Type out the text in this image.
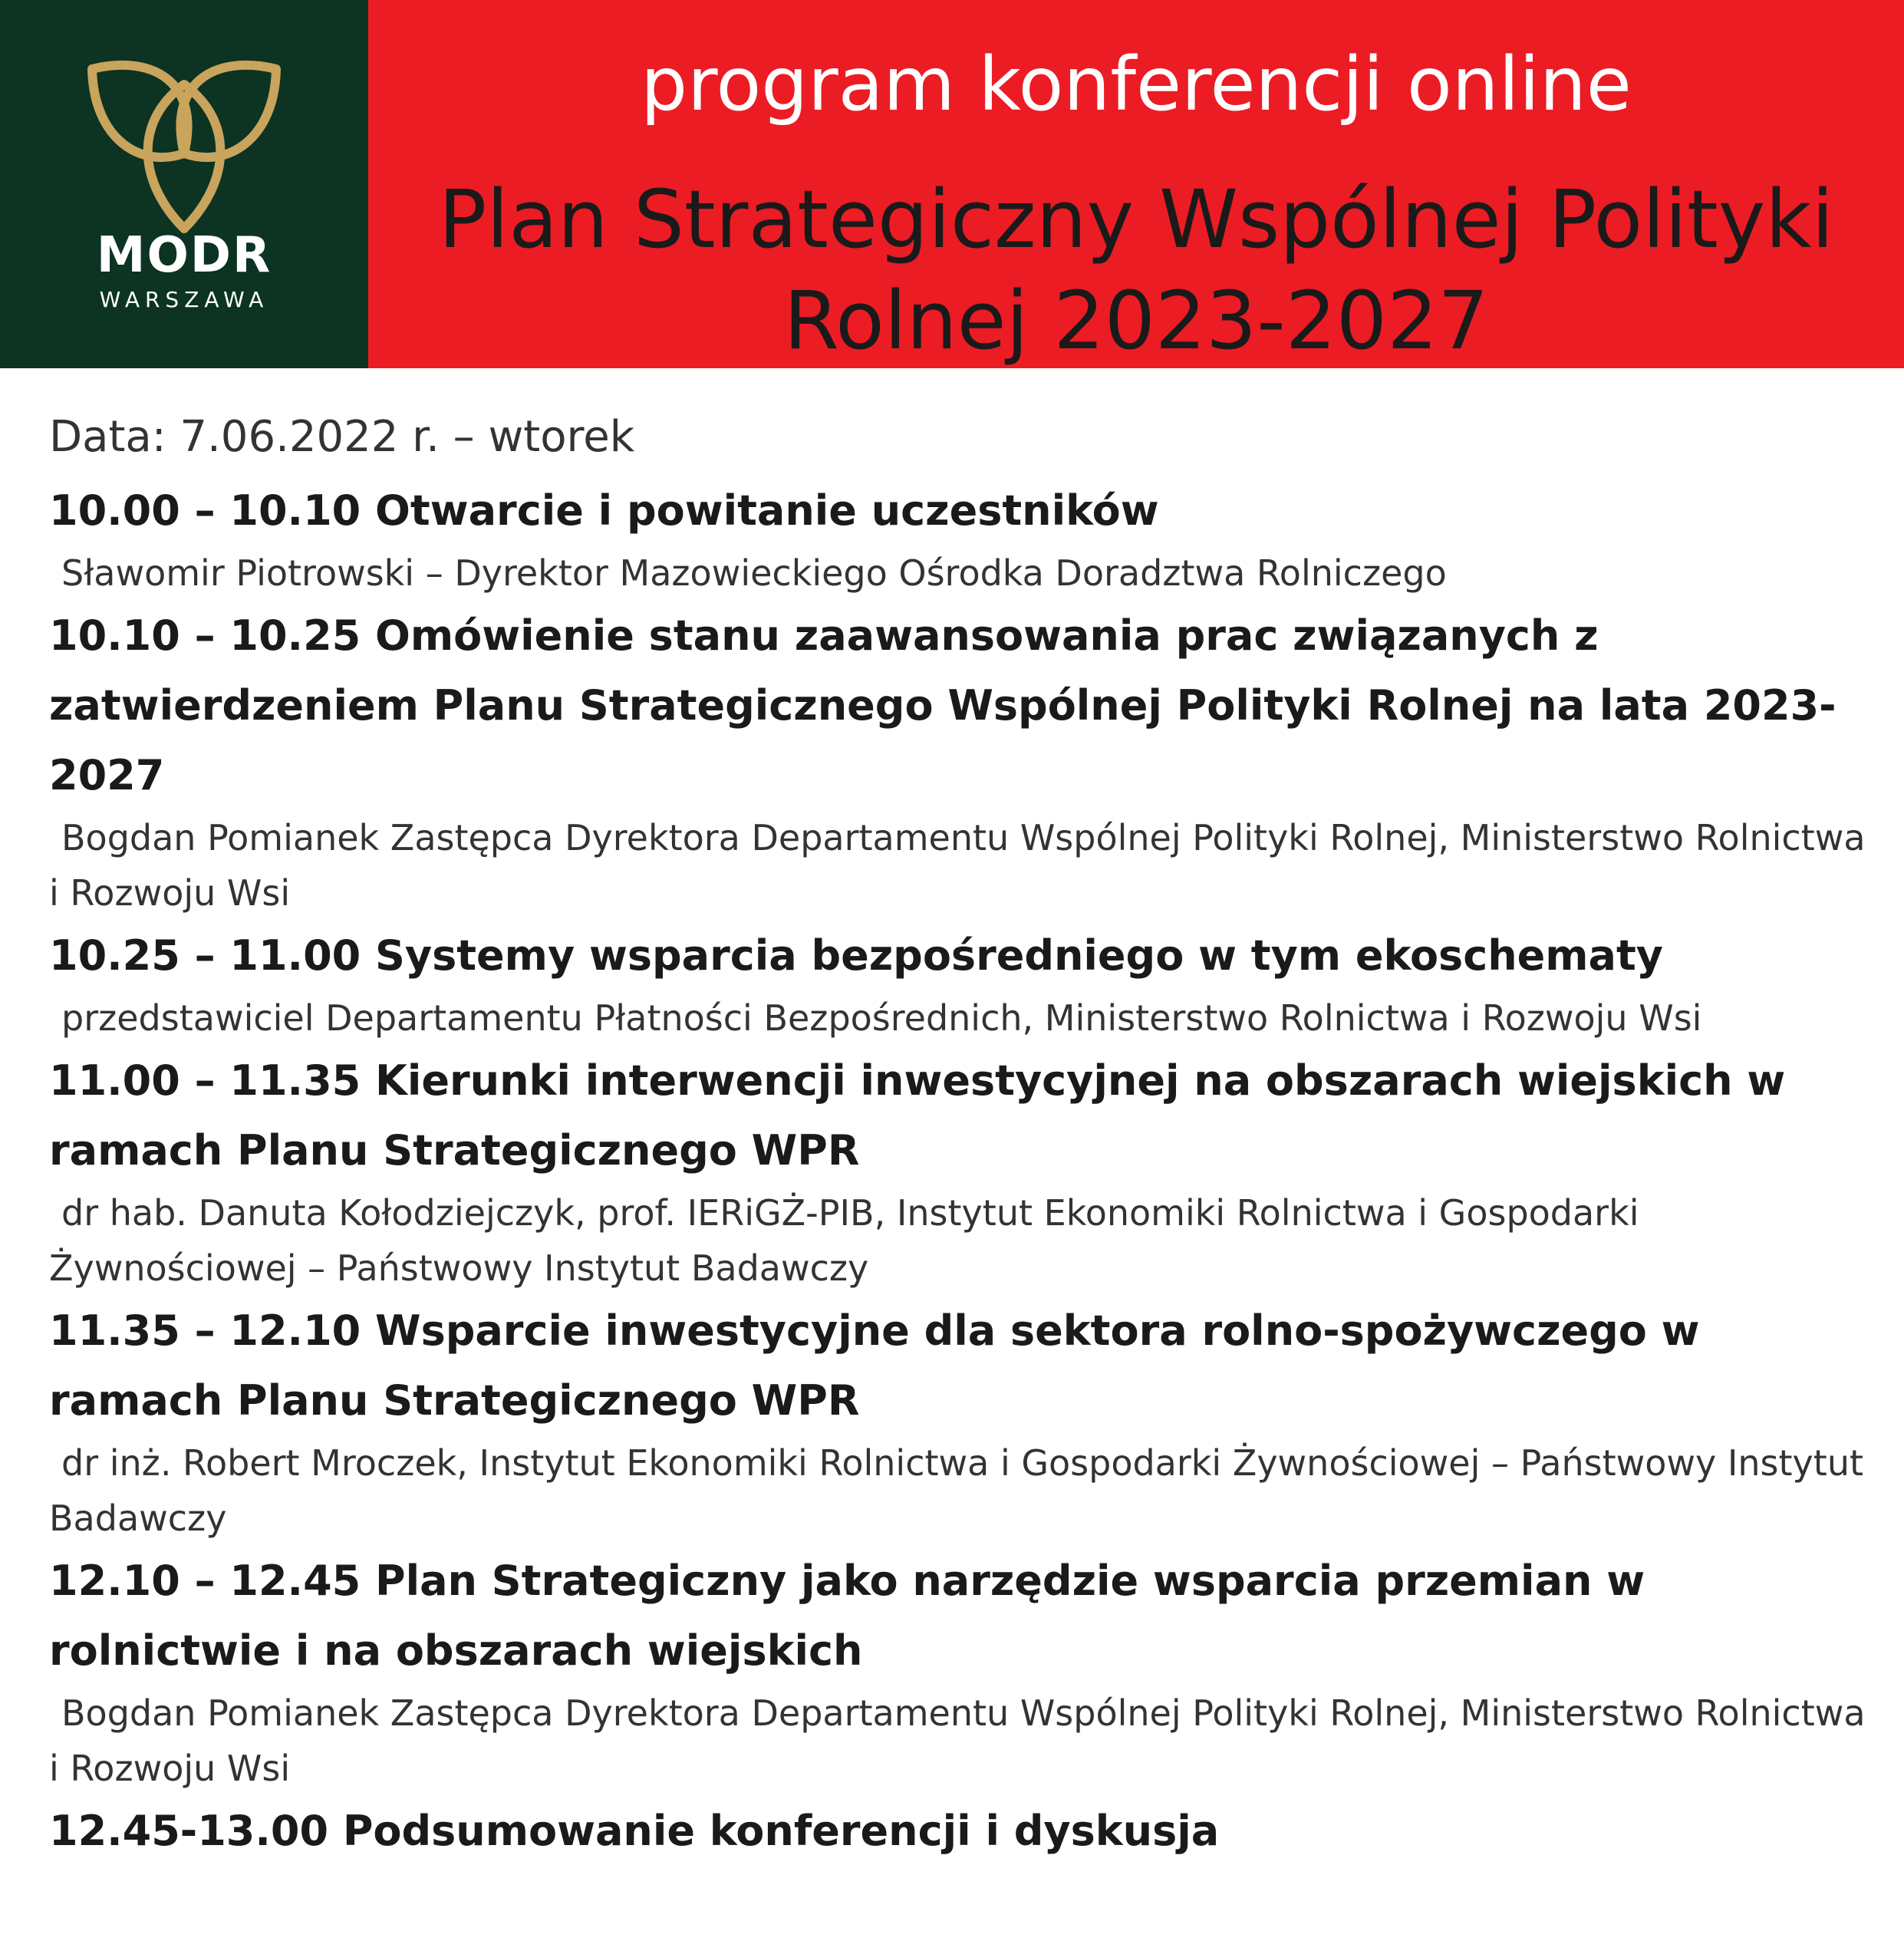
MODR
WARSZAWA
program konferencji online
Plan Strategiczny Wspólnej Polityki
Rolnej 2023-2027
Data: 7.06.2022 r. – wtorek
10.00 – 10.10 Otwarcie i powitanie uczestników
Sławomir Piotrowski – Dyrektor Mazowieckiego Ośrodka Doradztwa Rolniczego
10.10 – 10.25 Omówienie stanu zaawansowania prac związanych z zatwierdzeniem Planu Strategicznego Wspólnej Polityki Rolnej na lata 2023-2027
Bogdan Pomianek Zastępca Dyrektora Departamentu Wspólnej Polityki Rolnej, Ministerstwo Rolnictwa i Rozwoju Wsi
10.25 – 11.00 Systemy wsparcia bezpośredniego w tym ekoschematy
przedstawiciel Departamentu Płatności Bezpośrednich, Ministerstwo Rolnictwa i Rozwoju Wsi
11.00 – 11.35 Kierunki interwencji inwestycyjnej na obszarach wiejskich w ramach Planu Strategicznego WPR
dr hab. Danuta Kołodziejczyk, prof. IERiGŻ-PIB, Instytut Ekonomiki Rolnictwa i Gospodarki Żywnościowej – Państwowy Instytut Badawczy
11.35 – 12.10 Wsparcie inwestycyjne dla sektora rolno-spożywczego w ramach Planu Strategicznego WPR
dr inż. Robert Mroczek, Instytut Ekonomiki Rolnictwa i Gospodarki Żywnościowej – Państwowy Instytut Badawczy
12.10 – 12.45 Plan Strategiczny jako narzędzie wsparcia przemian w rolnictwie i na obszarach wiejskich
Bogdan Pomianek Zastępca Dyrektora Departamentu Wspólnej Polityki Rolnej, Ministerstwo Rolnictwa i Rozwoju Wsi
12.45-13.00 Podsumowanie konferencji i dyskusja
